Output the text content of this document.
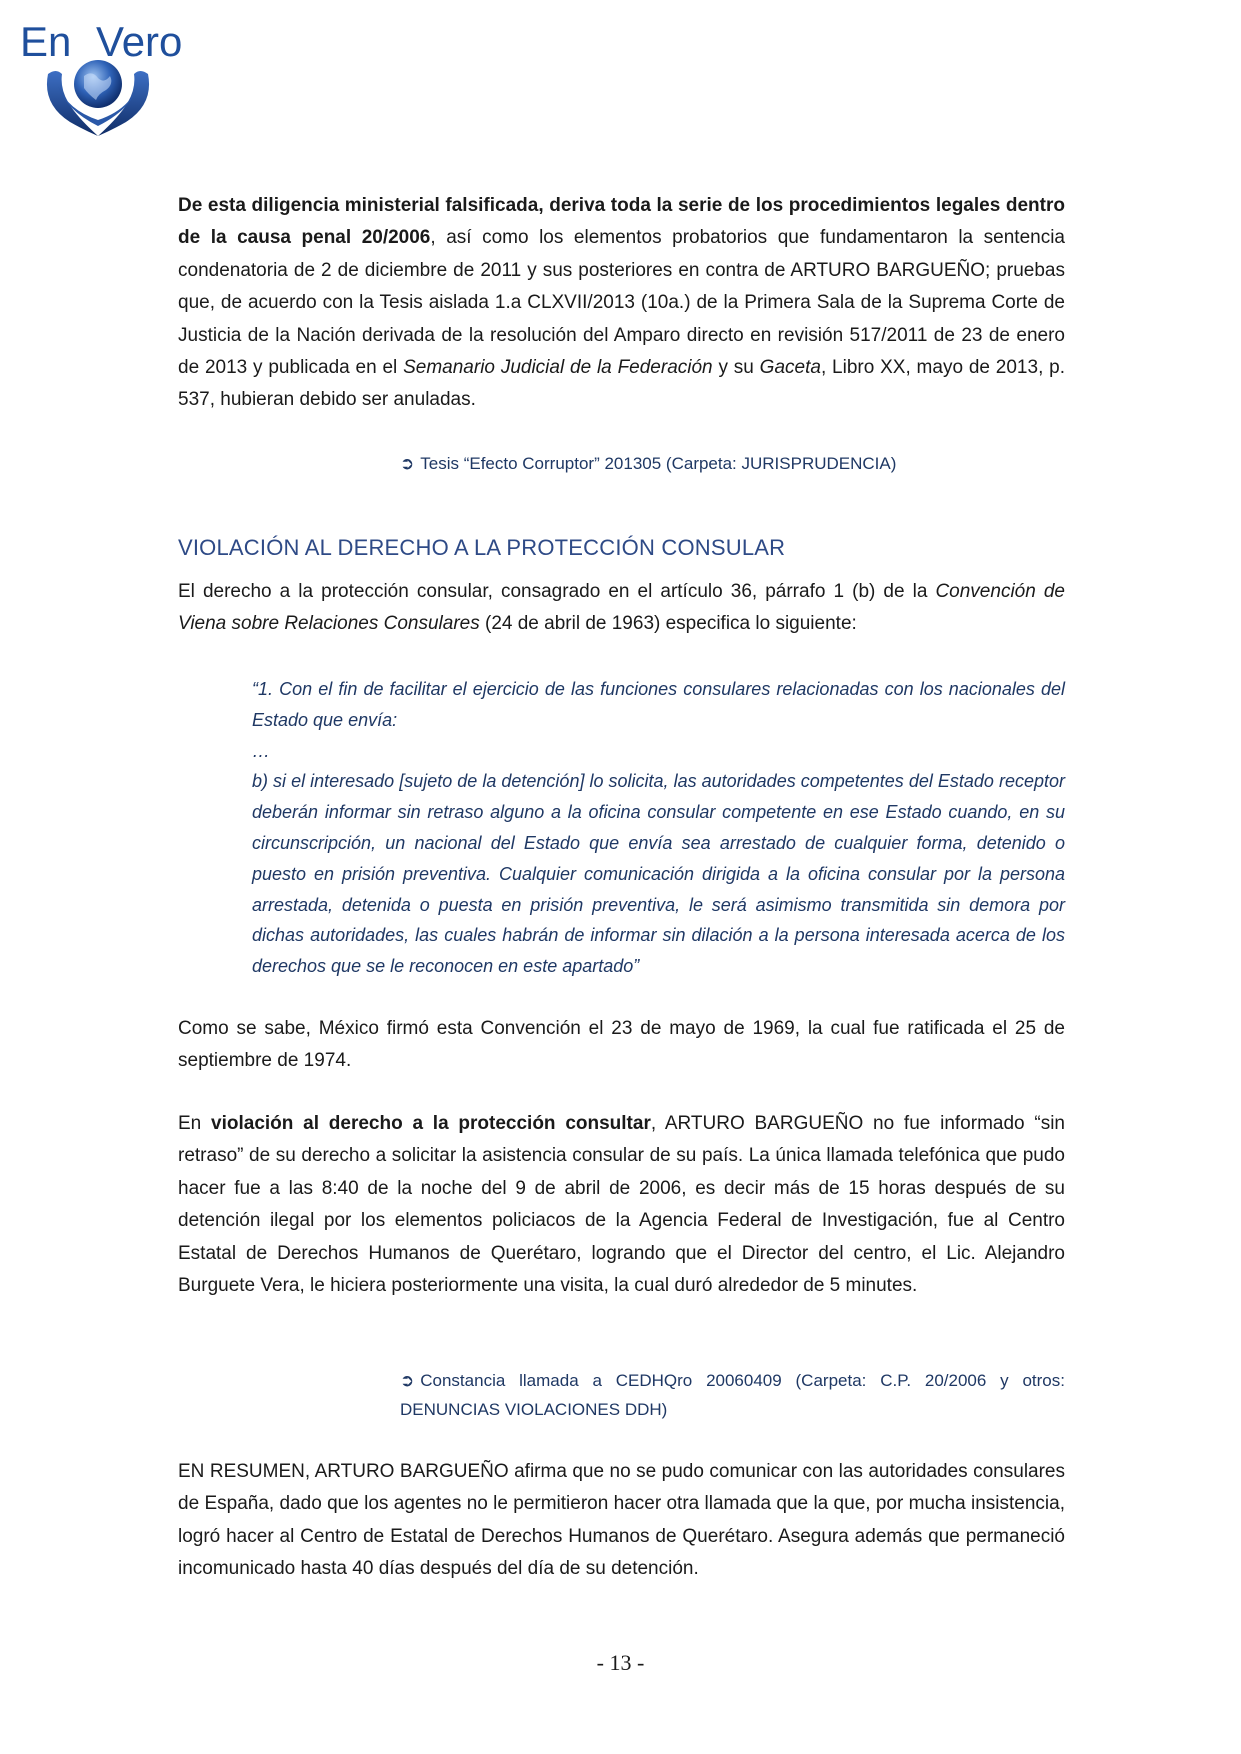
En Vero

De esta diligencia ministerial falsificada, deriva toda la serie de los procedimientos legales dentro de la causa penal 20/2006, así como los elementos probatorios que fundamentaron la sentencia condenatoria de 2 de diciembre de 2011 y sus posteriores en contra de ARTURO BARGUEÑO; pruebas que, de acuerdo con la Tesis aislada 1.a CLXVII/2013 (10a.) de la Primera Sala de la Suprema Corte de Justicia de la Nación derivada de la resolución del Amparo directo en revisión 517/2011 de 23 de enero de 2013 y publicada en el Semanario Judicial de la Federación y su Gaceta, Libro XX, mayo de 2013, p. 537, hubieran debido ser anuladas.

➲ Tesis “Efecto Corruptor” 201305 (Carpeta: JURISPRUDENCIA)
VIOLACIÓN AL DERECHO A LA PROTECCIÓN CONSULAR

El derecho a la protección consular, consagrado en el artículo 36, párrafo 1 (b) de la Convención de Viena sobre Relaciones Consulares (24 de abril de 1963) especifica lo siguiente:

“1. Con el fin de facilitar el ejercicio de las funciones consulares relacionadas con los nacionales del Estado que envía:
…
b) si el interesado [sujeto de la detención] lo solicita, las autoridades competentes del Estado receptor deberán informar sin retraso alguno a la oficina consular competente en ese Estado cuando, en su circunscripción, un nacional del Estado que envía sea arrestado de cualquier forma, detenido o puesto en prisión preventiva. Cualquier comunicación dirigida a la oficina consular por la persona arrestada, detenida o puesta en prisión preventiva, le será asimismo transmitida sin demora por dichas autoridades, las cuales habrán de informar sin dilación a la persona interesada acerca de los derechos que se le reconocen en este apartado”

Como se sabe, México firmó esta Convención el 23 de mayo de 1969, la cual fue ratificada el 25 de septiembre de 1974.

En violación al derecho a la protección consultar, ARTURO BARGUEÑO no fue informado “sin retraso” de su derecho a solicitar la asistencia consular de su país. La única llamada telefónica que pudo hacer fue a las 8:40 de la noche del 9 de abril de 2006, es decir más de 15 horas después de su detención ilegal por los elementos policiacos de la Agencia Federal de Investigación, fue al Centro Estatal de Derechos Humanos de Querétaro, logrando que el Director del centro, el Lic. Alejandro Burguete Vera, le hiciera posteriormente una visita, la cual duró alrededor de 5 minutes.

➲ Constancia llamada a CEDHQro 20060409 (Carpeta: C.P. 20/2006 y otros: DENUNCIAS VIOLACIONES DDH)

EN RESUMEN, ARTURO BARGUEÑO afirma que no se pudo comunicar con las autoridades consulares de España, dado que los agentes no le permitieron hacer otra llamada que la que, por mucha insistencia, logró hacer al Centro de Estatal de Derechos Humanos de Querétaro. Asegura además que permaneció incomunicado hasta 40 días después del día de su detención.

- 13 -
